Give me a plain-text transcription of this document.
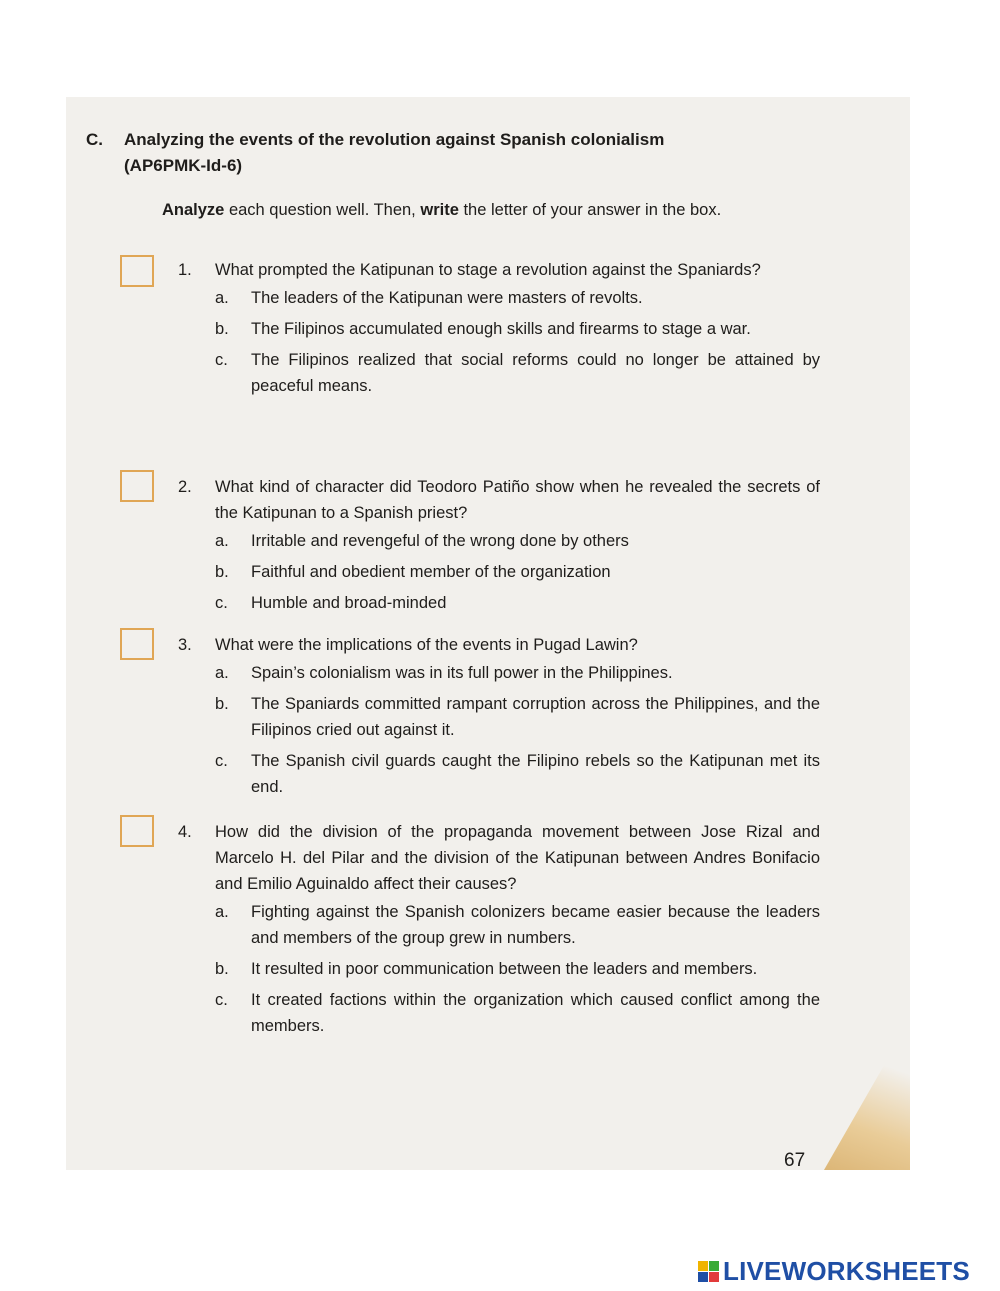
C. Analyzing the events of the revolution against Spanish colonialism
(AP6PMK-Id-6)
Analyze each question well. Then, write the letter of your answer in the box.
1.	What prompted the Katipunan to stage a revolution against the Spaniards?
a. The leaders of the Katipunan were masters of revolts.
b. The Filipinos accumulated enough skills and firearms to stage a war.
c. The Filipinos realized that social reforms could no longer be attained by peaceful means.
2.	What kind of character did Teodoro Patiño show when he revealed the secrets of the Katipunan to a Spanish priest?
a. Irritable and revengeful of the wrong done by others
b. Faithful and obedient member of the organization
c. Humble and broad-minded
3.	What were the implications of the events in Pugad Lawin?
a. Spain’s colonialism was in its full power in the Philippines.
b. The Spaniards committed rampant corruption across the Philippines, and the Filipinos cried out against it.
c. The Spanish civil guards caught the Filipino rebels so the Katipunan met its end.
4.	How did the division of the propaganda movement between Jose Rizal and Marcelo H. del Pilar and the division of the Katipunan between Andres Bonifacio and Emilio Aguinaldo affect their causes?
a. Fighting against the Spanish colonizers became easier because the leaders and members of the group grew in numbers.
b. It resulted in poor communication between the leaders and members.
c. It created factions within the organization which caused conflict among the members.
67
LIVEWORKSHEETS
